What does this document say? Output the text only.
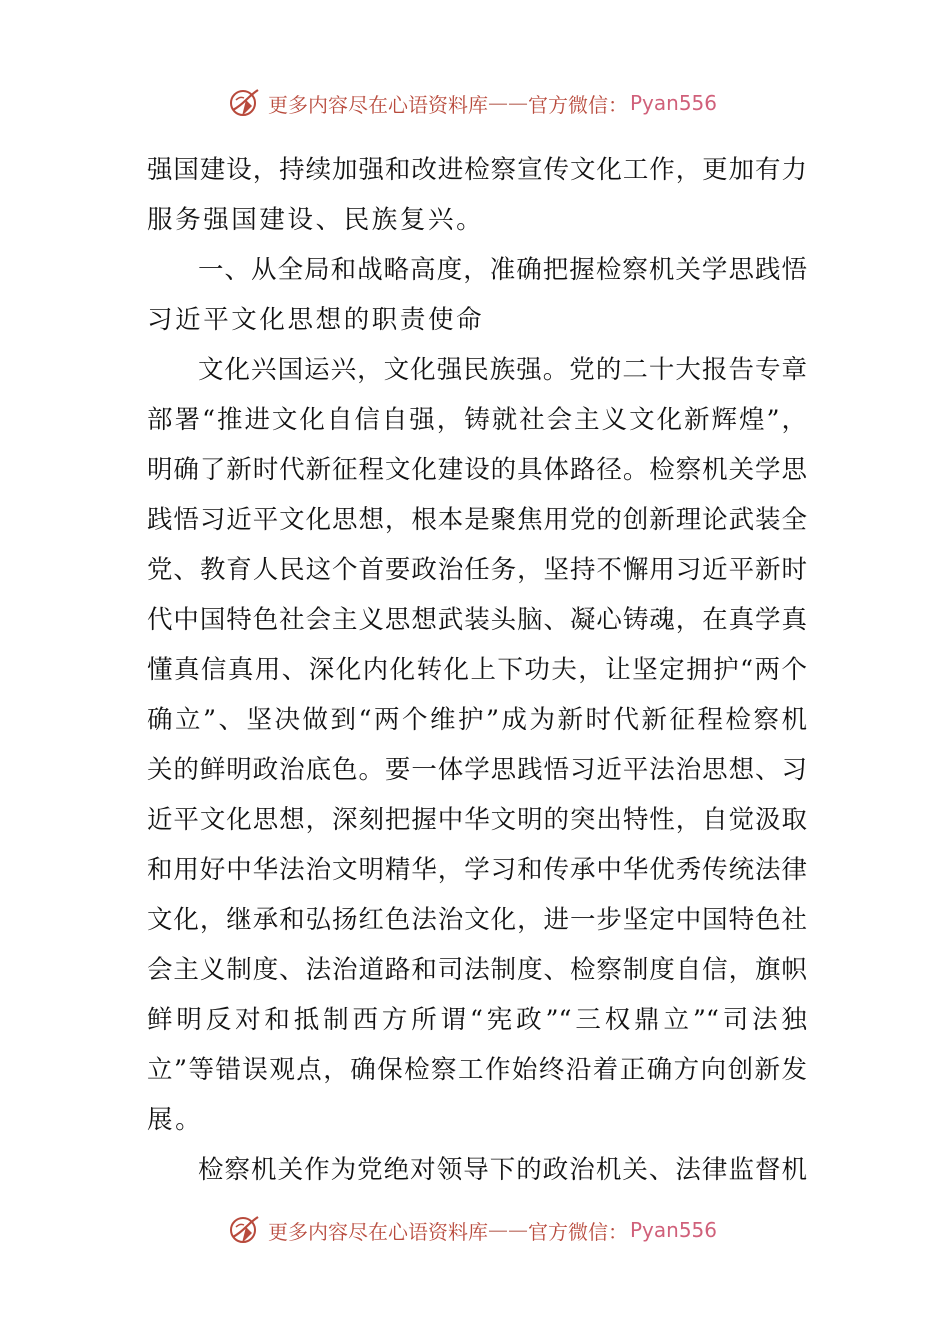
更多内容尽在心语资料库 —— 官方微信： Pyan556
强国建设，持续加强和改进检察宣传文化工作，更加有力
服务强国建设、民族复兴。
一、从全局和战略高度，准确把握检察机关学思践悟
习近平文化思想的职责使命
文化兴国运兴，文化强民族强。党的二十大报告专章
部署“推进文化自信自强，铸就社会主义文化新辉煌”，
明确了新时代新征程文化建设的具体路径。检察机关学思
践悟习近平文化思想，根本是聚焦用党的创新理论武装全
党、教育人民这个首要政治任务，坚持不懈用习近平新时
代中国特色社会主义思想武装头脑、凝心铸魂，在真学真
懂真信真用、深化内化转化上下功夫，让坚定拥护“两个
确立”、坚决做到“两个维护”成为新时代新征程检察机
关的鲜明政治底色。要一体学思践悟习近平法治思想、习
近平文化思想，深刻把握中华文明的突出特性，自觉汲取
和用好中华法治文明精华，学习和传承中华优秀传统法律
文化，继承和弘扬红色法治文化，进一步坚定中国特色社
会主义制度、法治道路和司法制度、检察制度自信，旗帜
鲜明反对和抵制西方所谓“宪政”“三权鼎立”“司法独
立”等错误观点，确保检察工作始终沿着正确方向创新发
展。
检察机关作为党绝对领导下的政治机关、法律监督机
更多内容尽在心语资料库 —— 官方微信： Pyan556
